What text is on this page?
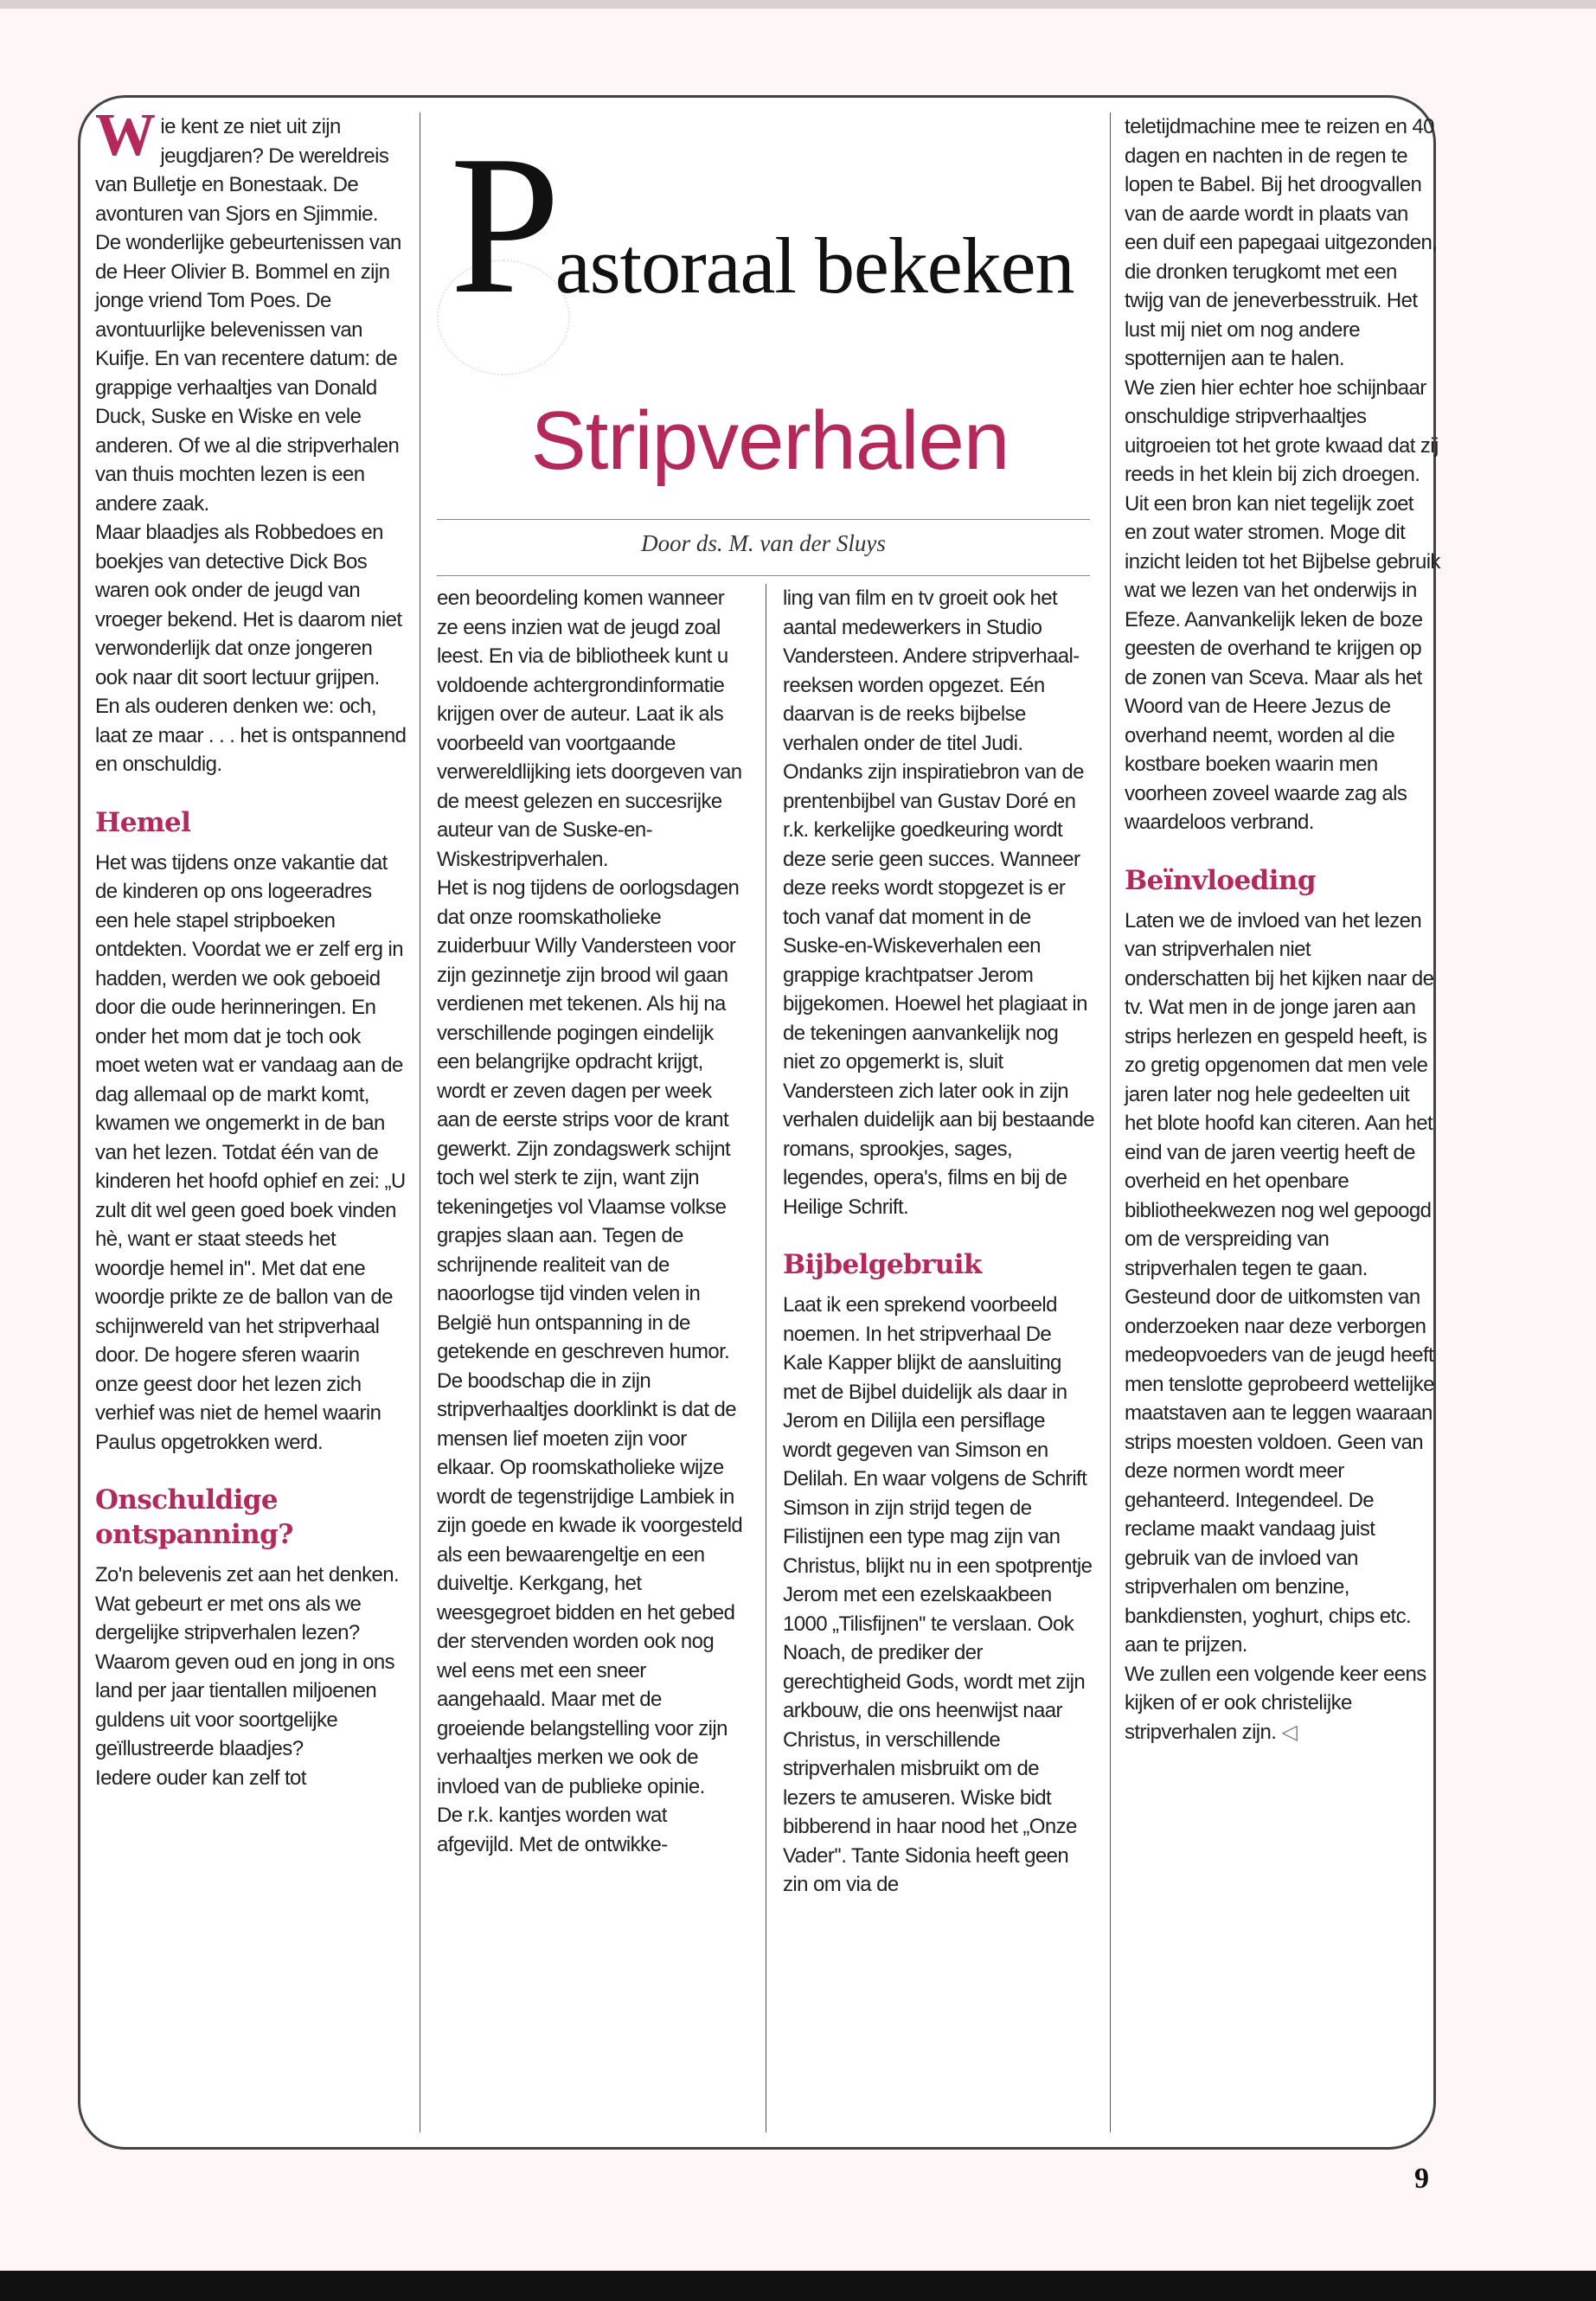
Pastoraal bekeken
Stripverhalen
Door ds. M. van der Sluys

Wie kent ze niet uit zijn jeugdjaren? De wereldreis van Bulletje en Bonestaak. De avonturen van Sjors en Sjimmie. De wonderlijke gebeurtenissen van de Heer Olivier B. Bommel en zijn jonge vriend Tom Poes. De avontuurlijke belevenissen van Kuifje. En van recentere datum: de grappige verhaaltjes van Donald Duck, Suske en Wiske en vele anderen. Of we al die stripverhalen van thuis mochten lezen is een andere zaak.

Maar blaadjes als Robbedoes en boekjes van detective Dick Bos waren ook onder de jeugd van vroeger bekend. Het is daarom niet verwonderlijk dat onze jongeren ook naar dit soort lectuur grijpen. En als ouderen denken we: och, laat ze maar . . . het is ontspannend en onschuldig.

Hemel

Het was tijdens onze vakantie dat de kinderen op ons logeeradres een hele stapel stripboeken ontdekten. Voordat we er zelf erg in hadden, werden we ook geboeid door die oude herinneringen. En onder het mom dat je toch ook moet weten wat er vandaag aan de dag allemaal op de markt komt, kwamen we ongemerkt in de ban van het lezen. Totdat één van de kinderen het hoofd ophief en zei: „U zult dit wel geen goed boek vinden hè, want er staat steeds het woordje hemel in''. Met dat ene woordje prikte ze de ballon van de schijnwereld van het stripverhaal door. De hogere sferen waarin onze geest door het lezen zich verhief was niet de hemel waarin Paulus opgetrokken werd.

Onschuldige ontspanning?

Zo'n belevenis zet aan het denken. Wat gebeurt er met ons als we dergelijke stripverhalen lezen? Waarom geven oud en jong in ons land per jaar tientallen miljoenen guldens uit voor soortgelijke geïllustreerde blaadjes?

Iedere ouder kan zelf tot

een beoordeling komen wanneer ze eens inzien wat de jeugd zoal leest. En via de bibliotheek kunt u voldoende achtergrondinformatie krijgen over de auteur. Laat ik als voorbeeld van voortgaande verwereldlijking iets doorgeven van de meest gelezen en succesrijke auteur van de Suske-en-Wiskestripverhalen.

Het is nog tijdens de oorlogsdagen dat onze roomskatholieke zuiderbuur Willy Vandersteen voor zijn gezinnetje zijn brood wil gaan verdienen met tekenen. Als hij na verschillende pogingen eindelijk een belangrijke opdracht krijgt, wordt er zeven dagen per week aan de eerste strips voor de krant gewerkt. Zijn zondagswerk schijnt toch wel sterk te zijn, want zijn tekeningetjes vol Vlaamse volkse grapjes slaan aan. Tegen de schrijnende realiteit van de naoorlogse tijd vinden velen in België hun ontspanning in de getekende en geschreven humor.

De boodschap die in zijn stripverhaaltjes doorklinkt is dat de mensen lief moeten zijn voor elkaar. Op roomskatholieke wijze wordt de tegenstrijdige Lambiek in zijn goede en kwade ik voorgesteld als een bewaarengeltje en een duiveltje. Kerkgang, het weesgegroet bidden en het gebed der stervenden worden ook nog wel eens met een sneer aangehaald. Maar met de groeiende belangstelling voor zijn verhaaltjes merken we ook de invloed van de publieke opinie.

De r.k. kantjes worden wat afgevijld. Met de ontwikke-

ling van film en tv groeit ook het aantal medewerkers in Studio Vandersteen. Andere stripverhaal-reeksen worden opgezet. Eén daarvan is de reeks bijbelse verhalen onder de titel Judi. Ondanks zijn inspiratiebron van de prentenbijbel van Gustav Doré en r.k. kerkelijke goedkeuring wordt deze serie geen succes. Wanneer deze reeks wordt stopgezet is er toch vanaf dat moment in de Suske-en-Wiskeverhalen een grappige krachtpatser Jerom bijgekomen. Hoewel het plagiaat in de tekeningen aanvankelijk nog niet zo opgemerkt is, sluit Vandersteen zich later ook in zijn verhalen duidelijk aan bij bestaande romans, sprookjes, sages, legendes, opera's, films en bij de Heilige Schrift.

Bijbelgebruik

Laat ik een sprekend voorbeeld noemen. In het stripverhaal De Kale Kapper blijkt de aansluiting met de Bijbel duidelijk als daar in Jerom en Dilijla een persiflage wordt gegeven van Simson en Delilah. En waar volgens de Schrift Simson in zijn strijd tegen de Filistijnen een type mag zijn van Christus, blijkt nu in een spotprentje Jerom met een ezelskaakbeen 1000 „Tilisfijnen'' te verslaan. Ook Noach, de prediker der gerechtigheid Gods, wordt met zijn arkbouw, die ons heenwijst naar Christus, in verschillende stripverhalen misbruikt om de lezers te amuseren. Wiske bidt bibberend in haar nood het „Onze Vader''. Tante Sidonia heeft geen zin om via de

teletijdmachine mee te reizen en 40 dagen en nachten in de regen te lopen te Babel. Bij het droogvallen van de aarde wordt in plaats van een duif een papegaai uitgezonden, die dronken terugkomt met een twijg van de jeneverbesstruik. Het lust mij niet om nog andere spotternijen aan te halen.

We zien hier echter hoe schijnbaar onschuldige stripverhaaltjes uitgroeien tot het grote kwaad dat zij reeds in het klein bij zich droegen. Uit een bron kan niet tegelijk zoet en zout water stromen. Moge dit inzicht leiden tot het Bijbelse gebruik wat we lezen van het onderwijs in Efeze. Aanvankelijk leken de boze geesten de overhand te krijgen op de zonen van Sceva. Maar als het Woord van de Heere Jezus de overhand neemt, worden al die kostbare boeken waarin men voorheen zoveel waarde zag als waardeloos verbrand.

Beïnvloeding

Laten we de invloed van het lezen van stripverhalen niet onderschatten bij het kijken naar de tv. Wat men in de jonge jaren aan strips herlezen en gespeld heeft, is zo gretig opgenomen dat men vele jaren later nog hele gedeelten uit het blote hoofd kan citeren. Aan het eind van de jaren veertig heeft de overheid en het openbare bibliotheekwezen nog wel gepoogd om de verspreiding van stripverhalen tegen te gaan. Gesteund door de uitkomsten van onderzoeken naar deze verborgen medeopvoeders van de jeugd heeft men tenslotte geprobeerd wettelijke maatstaven aan te leggen waaraan strips moesten voldoen. Geen van deze normen wordt meer gehanteerd. Integendeel. De reclame maakt vandaag juist gebruik van de invloed van stripverhalen om benzine, bankdiensten, yoghurt, chips etc. aan te prijzen.

We zullen een volgende keer eens kijken of er ook christelijke stripverhalen zijn. ◁

9
